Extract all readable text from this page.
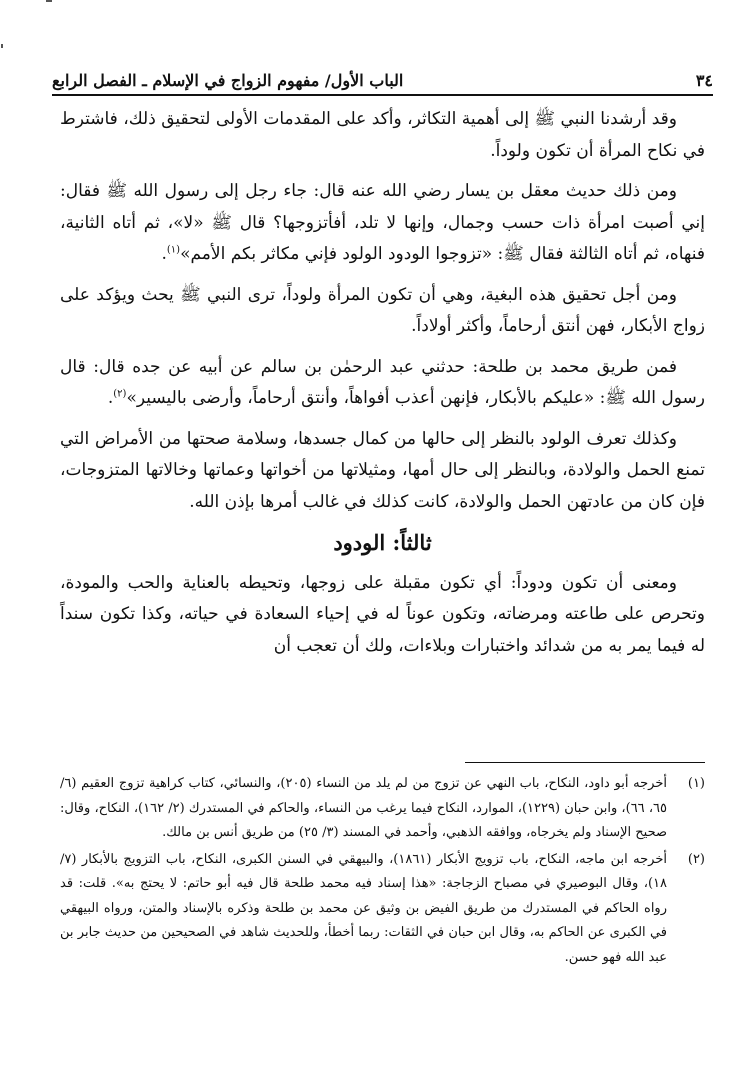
٣٤
الباب الأول/ مفهوم الزواج في الإسلام ـ الفصل الرابع

وقد أرشدنا النبي ﷺ إلى أهمية التكاثر، وأكد على المقدمات الأولى لتحقيق ذلك، فاشترط في نكاح المرأة أن تكون ولوداً.

ومن ذلك حديث معقل بن يسار رضي الله عنه قال: جاء رجل إلى رسول الله ﷺ فقال: إني أصبت امرأة ذات حسب وجمال، وإنها لا تلد، أفأتزوجها؟ قال ﷺ «لا»، ثم أتاه الثانية، فنهاه، ثم أتاه الثالثة فقال ﷺ: «تزوجوا الودود الولود فإني مكاثر بكم الأمم»$^{(١)}$.

ومن أجل تحقيق هذه البغية، وهي أن تكون المرأة ولوداً، ترى النبي ﷺ يحث ويؤكد على زواج الأبكار، فهن أنتق أرحاماً، وأكثر أولاداً.

فمن طريق محمد بن طلحة: حدثني عبد الرحمٰن بن سالم عن أبيه عن جده قال: قال رسول الله ﷺ: «عليكم بالأبكار، فإنهن أعذب أفواهاً، وأنتق أرحاماً، وأرضى باليسير»$^{(٢)}$.

وكذلك تعرف الولود بالنظر إلى حالها من كمال جسدها، وسلامة صحتها من الأمراض التي تمنع الحمل والولادة، وبالنظر إلى حال أمها، ومثيلاتها من أخواتها وعماتها وخالاتها المتزوجات، فإن كان من عادتهن الحمل والولادة، كانت كذلك في غالب أمرها بإذن الله.

ثالثاً: الودود

ومعنى أن تكون ودوداً: أي تكون مقبلة على زوجها، وتحيطه بالعناية والحب والمودة، وتحرص على طاعته ومرضاته، وتكون عوناً له في إحياء السعادة في حياته، وكذا تكون سنداً له فيما يمر به من شدائد واختبارات وبلاءات، ولك أن تعجب أن

(١)
أخرجه أبو داود، النكاح، باب النهي عن تزوج من لم يلد من النساء (٢٠٥)، والنسائي، كتاب كراهية تزوج العقيم (٦/ ٦٥، ٦٦)، وابن حبان (١٢٢٩)، الموارد، النكاح فيما يرغب من النساء، والحاكم في المستدرك (٢/ ١٦٢)، النكاح، وقال: صحيح الإسناد ولم يخرجاه، ووافقه الذهبي، وأحمد في المسند (٣/ ٢٥) من طريق أنس بن مالك.
(٢)
أخرجه ابن ماجه، النكاح، باب تزويج الأبكار (١٨٦١)، والبيهقي في السنن الكبرى، النكاح، باب التزويج بالأبكار (٧/ ١٨)، وقال البوصيري في مصباح الزجاجة: «هذا إسناد فيه محمد طلحة قال فيه أبو حاتم: لا يحتج به». قلت: قد رواه الحاكم في المستدرك من طريق الفيض بن وثيق عن محمد بن طلحة وذكره بالإسناد والمتن، ورواه البيهقي في الكبرى عن الحاكم به، وقال ابن حبان في الثقات: ربما أخطأ، وللحديث شاهد في الصحيحين من حديث جابر بن عبد الله فهو حسن.
